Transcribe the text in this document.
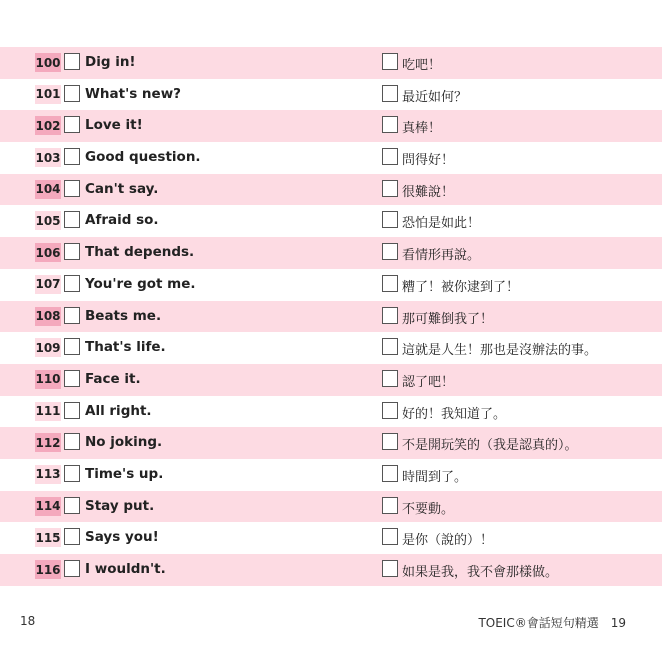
100 Dig in!	吃吧！
101 What's new?	最近如何？
102 Love it!	真棒！
103 Good question.	問得好！
104 Can't say.	很難說！
105 Afraid so.	恐怕是如此！
106 That depends.	看情形再說。
107 You're got me.	糟了！被你逮到了！
108 Beats me.	那可難倒我了！
109 That's life.	這就是人生！那也是沒辦法的事。
110 Face it.	認了吧！
111 All right.	好的！我知道了。
112 No joking.	不是開玩笑的（我是認真的）。
113 Time's up.	時間到了。
114 Stay put.	不要動。
115 Says you!	是你（說的）！
116 I wouldn't.	如果是我，我不會那樣做。
18	TOEIC®會話短句精選　19
